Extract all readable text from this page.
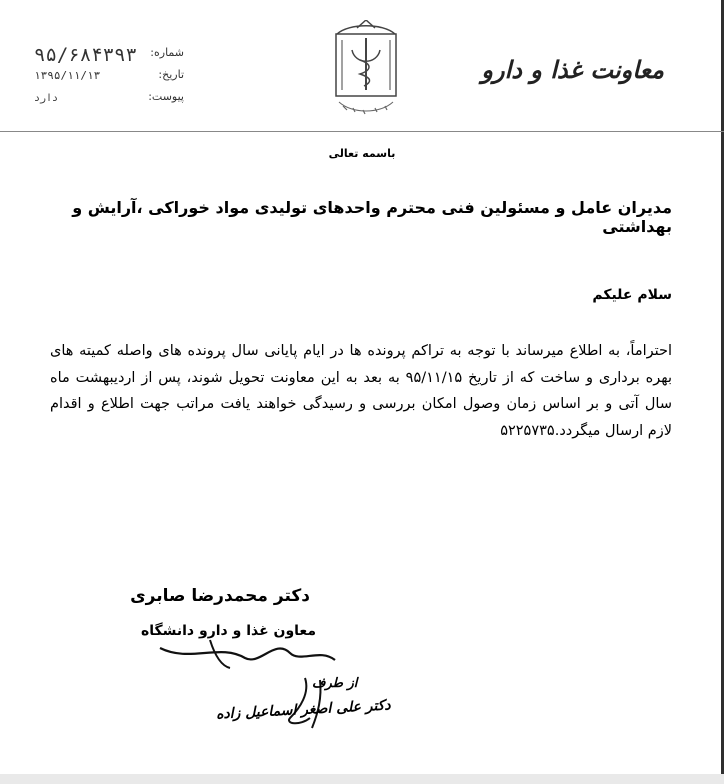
معاونت غذا و دارو
شماره:
۹۵/۶۸۴۳۹۳
تاریخ:
۱۳۹۵/۱۱/۱۳
پیوست:
دارد
باسمه تعالی
مدیران عامل و مسئولین فنی محترم واحدهای تولیدی مواد خوراکی ،آرایش و بهداشتی
سلام علیکم
احتراماً، به اطلاع میرساند با توجه به تراکم پرونده ها در ایام پایانی سال پرونده های واصله کمیته های بهره برداری و ساخت که از تاریخ ۹۵/۱۱/۱۵ به بعد به این معاونت تحویل شوند، پس از اردیبهشت ماه سال آتی و بر اساس زمان وصول امکان بررسی و رسیدگی خواهند یافت مراتب جهت اطلاع و اقدام لازم ارسال میگردد.۵۲۲۵۷۳۵
دکتر محمدرضا صابری
معاون غذا و دارو دانشگاه
از طرف
دکتر علی اصغر اسماعیل زاده
